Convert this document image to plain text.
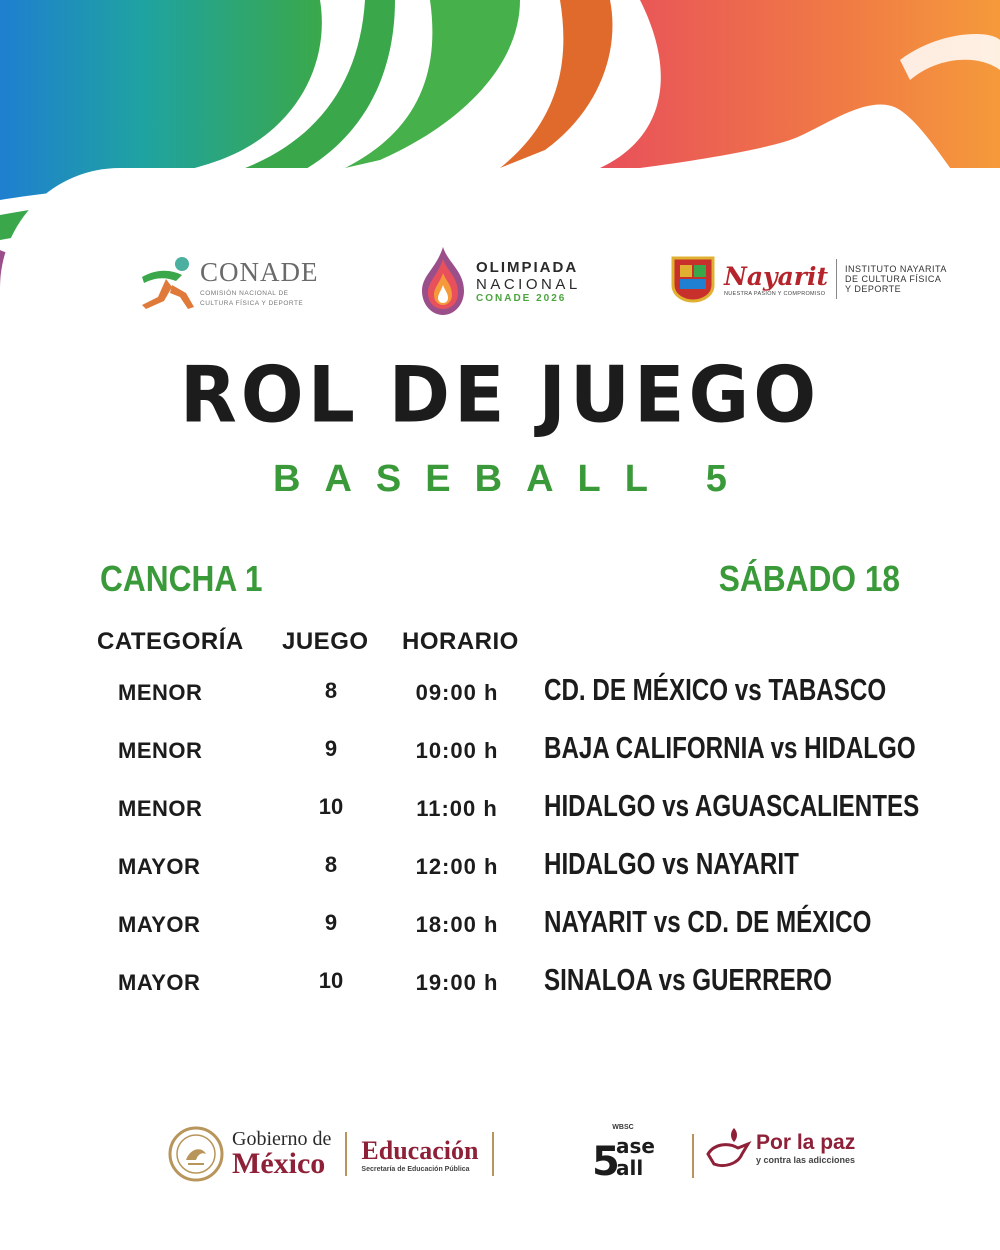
CONADE
COMISIÓN NACIONAL DE
CULTURA FÍSICA Y DEPORTE
OLIMPIADA
NACIONAL
CONADE 2026
Nayarit
NUESTRA PASIÓN Y COMPROMISO
INSTITUTO NAYARITA
DE CULTURA FÍSICA
Y DEPORTE
ROL DE JUEGO
BASEBALL 5
CANCHA 1	SÁBADO 18
CATEGORÍA JUEGO HORARIO
MENOR	8	09:00 h	CD. DE MÉXICO vs TABASCO
MENOR	9	10:00 h	BAJA CALIFORNIA vs HIDALGO
MENOR	10	11:00 h	HIDALGO vs AGUASCALIENTES
MAYOR	8	12:00 h	HIDALGO vs NAYARIT
MAYOR	9	18:00 h	NAYARIT vs CD. DE MÉXICO
MAYOR	10	19:00 h	SINALOA vs GUERRERO
Gobierno de
México Educación
Secretaría de Educación Pública
WBSC
5
ase
all
Por la paz
y contra las adicciones
